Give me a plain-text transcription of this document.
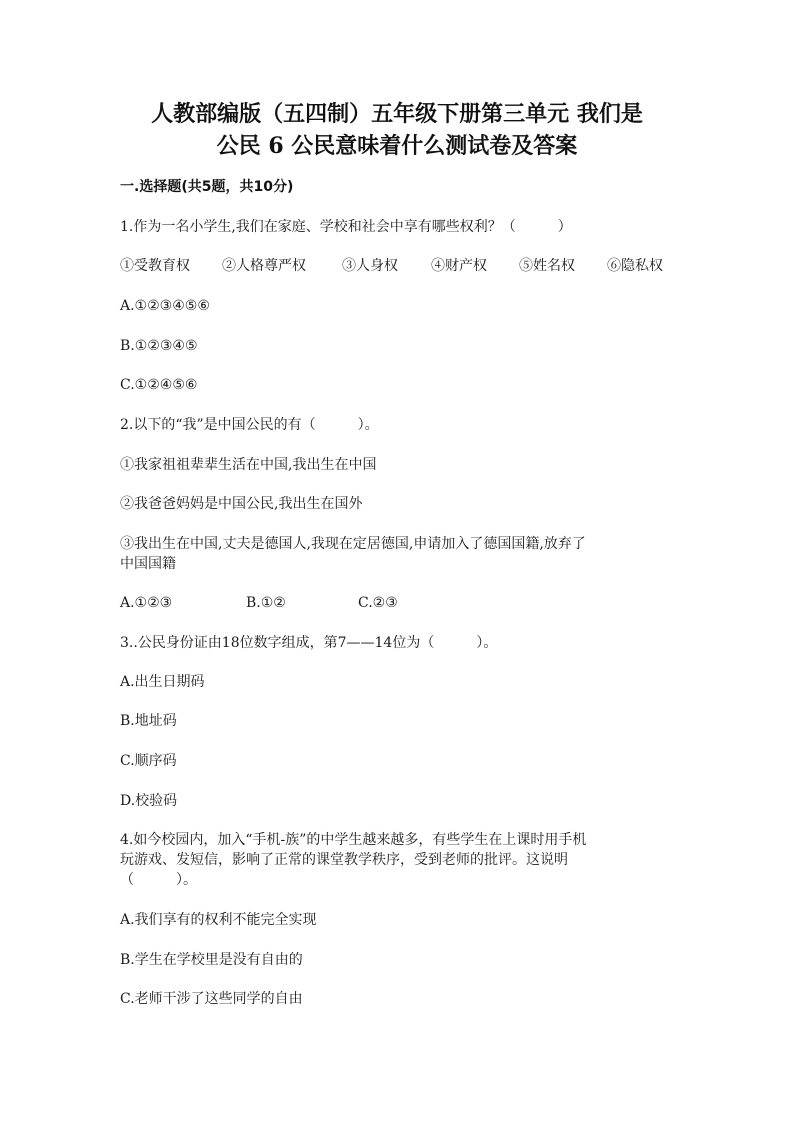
人教部编版（五四制）五年级下册第三单元 我们是
公民 6 公民意味着什么测试卷及答案
一.选择题(共5题，共10分)
1.作为一名小学生,我们在家庭、学校和社会中享有哪些权利？（　　　）
①受教育权 ②人格尊严权	③人身权 ④财产权 ⑤姓名权 ⑥隐私权
A.①②③④⑤⑥
B.①②③④⑤
C.①②④⑤⑥
2.以下的“我”是中国公民的有（　　　）。
①我家祖祖辈辈生活在中国,我出生在中国
②我爸爸妈妈是中国公民,我出生在国外
③我出生在中国,丈夫是德国人,我现在定居德国,申请加入了德国国籍,放弃了
中国国籍
A.①②③	B.①②	C.②③
3..公民身份证由18位数字组成，第7——14位为（　　　）。
A.出生日期码
B.地址码
C.顺序码
D.校验码
4.如今校园内，加入“手机-族”的中学生越来越多，有些学生在上课时用手机
玩游戏、发短信，影响了正常的课堂教学秩序，受到老师的批评。这说明
（　　　）。
A.我们享有的权利不能完全实现
B.学生在学校里是没有自由的
C.老师干涉了这些同学的自由
